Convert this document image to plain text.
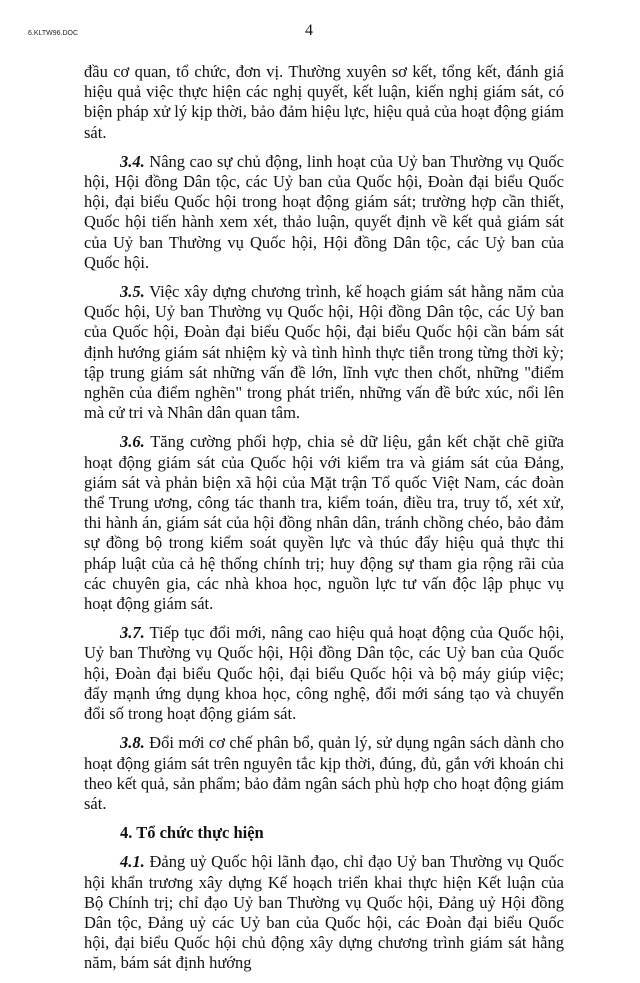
6.KLTW96.DOC	4

đầu cơ quan, tổ chức, đơn vị. Thường xuyên sơ kết, tổng kết, đánh giá hiệu quả việc thực hiện các nghị quyết, kết luận, kiến nghị giám sát, có biện pháp xử lý kịp thời, bảo đảm hiệu lực, hiệu quả của hoạt động giám sát.

3.4. Nâng cao sự chủ động, linh hoạt của Uỷ ban Thường vụ Quốc hội, Hội đồng Dân tộc, các Uỷ ban của Quốc hội, Đoàn đại biểu Quốc hội, đại biểu Quốc hội trong hoạt động giám sát; trường hợp cần thiết, Quốc hội tiến hành xem xét, thảo luận, quyết định về kết quả giám sát của Uỷ ban Thường vụ Quốc hội, Hội đồng Dân tộc, các Uỷ ban của Quốc hội.

3.5. Việc xây dựng chương trình, kế hoạch giám sát hằng năm của Quốc hội, Uỷ ban Thường vụ Quốc hội, Hội đồng Dân tộc, các Uỷ ban của Quốc hội, Đoàn đại biểu Quốc hội, đại biểu Quốc hội cần bám sát định hướng giám sát nhiệm kỳ và tình hình thực tiễn trong từng thời kỳ; tập trung giám sát những vấn đề lớn, lĩnh vực then chốt, những "điểm nghẽn của điểm nghẽn" trong phát triển, những vấn đề bức xúc, nổi lên mà cử tri và Nhân dân quan tâm.

3.6. Tăng cường phối hợp, chia sẻ dữ liệu, gắn kết chặt chẽ giữa hoạt động giám sát của Quốc hội với kiểm tra và giám sát của Đảng, giám sát và phản biện xã hội của Mặt trận Tổ quốc Việt Nam, các đoàn thể Trung ương, công tác thanh tra, kiểm toán, điều tra, truy tố, xét xử, thi hành án, giám sát của hội đồng nhân dân, tránh chồng chéo, bảo đảm sự đồng bộ trong kiểm soát quyền lực và thúc đẩy hiệu quả thực thi pháp luật của cả hệ thống chính trị; huy động sự tham gia rộng rãi của các chuyên gia, các nhà khoa học, nguồn lực tư vấn độc lập phục vụ hoạt động giám sát.

3.7. Tiếp tục đổi mới, nâng cao hiệu quả hoạt động của Quốc hội, Uỷ ban Thường vụ Quốc hội, Hội đồng Dân tộc, các Uỷ ban của Quốc hội, Đoàn đại biểu Quốc hội, đại biểu Quốc hội và bộ máy giúp việc; đẩy mạnh ứng dụng khoa học, công nghệ, đổi mới sáng tạo và chuyển đổi số trong hoạt động giám sát.

3.8. Đổi mới cơ chế phân bổ, quản lý, sử dụng ngân sách dành cho hoạt động giám sát trên nguyên tắc kịp thời, đúng, đủ, gắn với khoán chi theo kết quả, sản phẩm; bảo đảm ngân sách phù hợp cho hoạt động giám sát.

4. Tổ chức thực hiện

4.1. Đảng uỷ Quốc hội lãnh đạo, chỉ đạo Uỷ ban Thường vụ Quốc hội khẩn trương xây dựng Kế hoạch triển khai thực hiện Kết luận của Bộ Chính trị; chỉ đạo Uỷ ban Thường vụ Quốc hội, Đảng uỷ Hội đồng Dân tộc, Đảng uỷ các Uỷ ban của Quốc hội, các Đoàn đại biểu Quốc hội, đại biểu Quốc hội chủ động xây dựng chương trình giám sát hằng năm, bám sát định hướng
